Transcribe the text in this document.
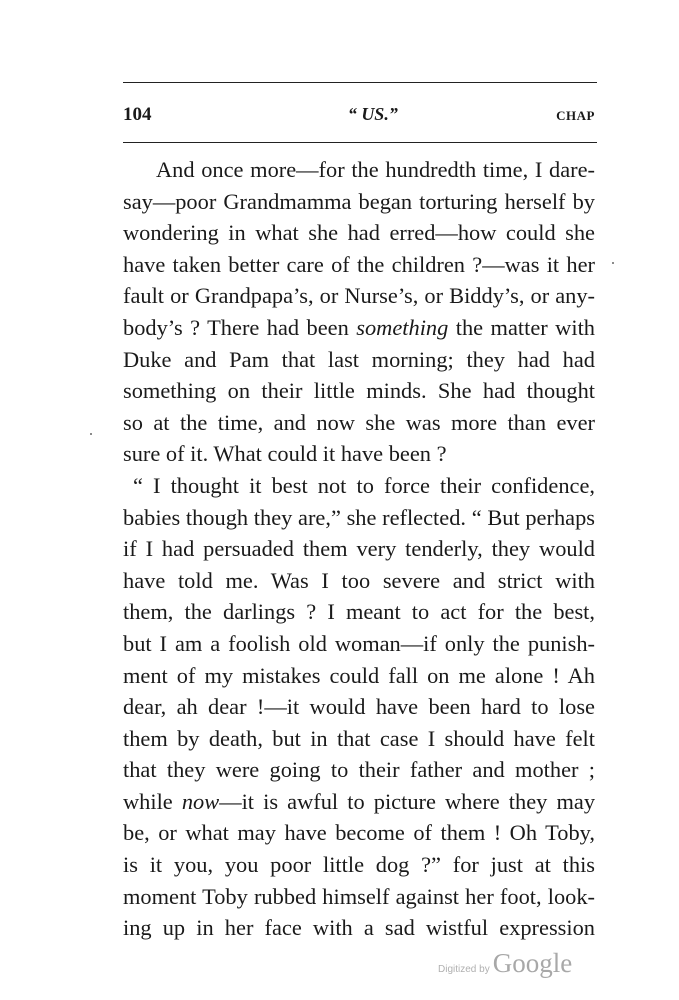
104	“ US.”	CHAP
And once more—for the hundredth time, I dare-
say—poor Grandmamma began torturing herself by
wondering in what she had erred—how could she
have taken better care of the children ?—was it her
fault or Grandpapa’s, or Nurse’s, or Biddy’s, or any-
body’s ? There had been something the matter with
Duke and Pam that last morning; they had had
something on their little minds. She had thought
so at the time, and now she was more than ever
sure of it. What could it have been ?
“ I thought it best not to force their confidence,
babies though they are,” she reflected. “ But perhaps
if I had persuaded them very tenderly, they would
have told me. Was I too severe and strict with
them, the darlings ? I meant to act for the best,
but I am a foolish old woman—if only the punish-
ment of my mistakes could fall on me alone ! Ah
dear, ah dear !—it would have been hard to lose
them by death, but in that case I should have felt
that they were going to their father and mother ;
while now—it is awful to picture where they may
be, or what may have become of them ! Oh Toby,
is it you, you poor little dog ?” for just at this
moment Toby rubbed himself against her foot, look-
ing up in her face with a sad wistful expression
Digitized by Google
